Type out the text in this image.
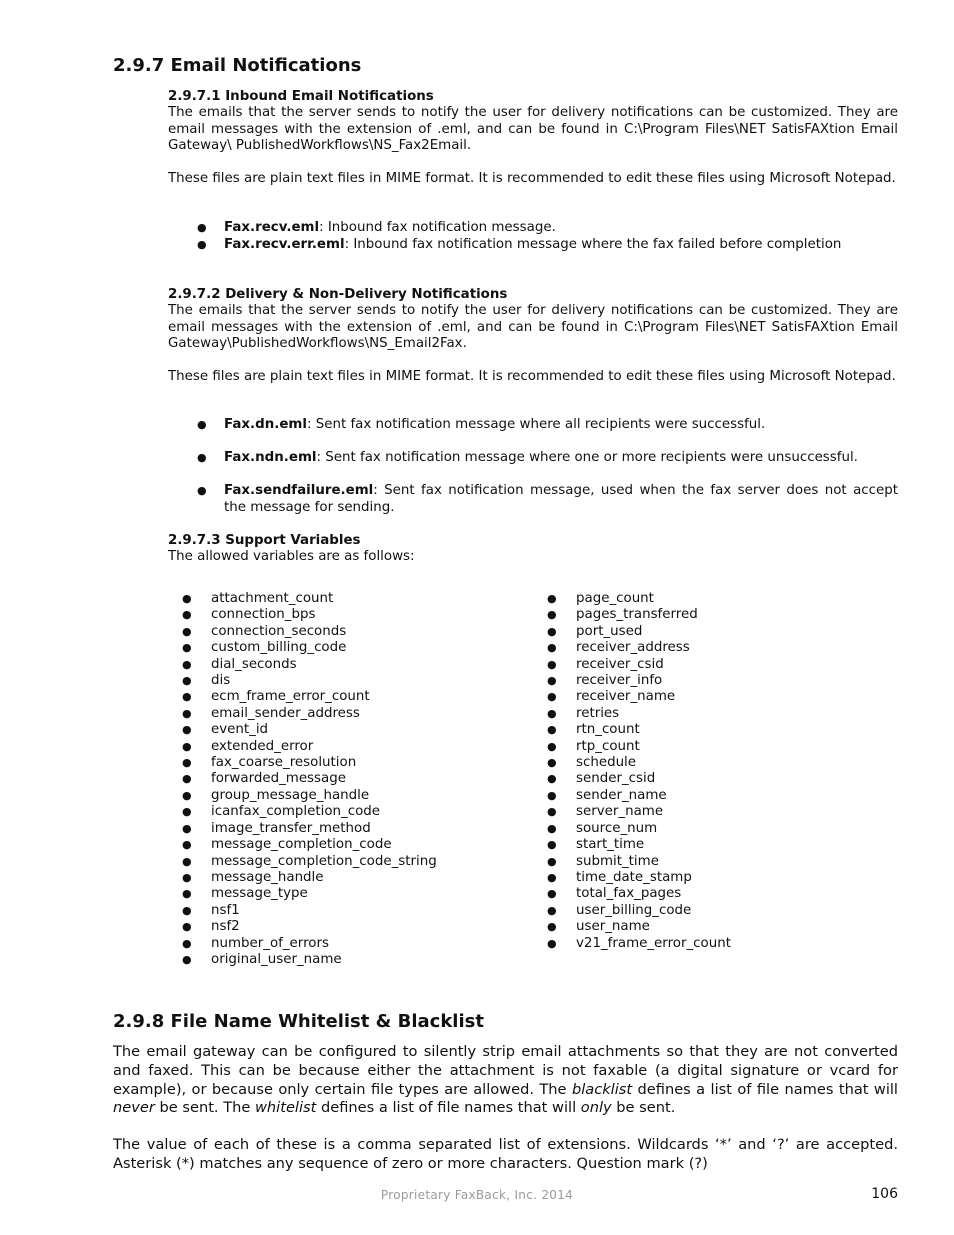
2.9.7 Email Notifications
2.9.7.1 Inbound Email Notifications

The emails that the server sends to notify the user for delivery notifications can be customized. They are email messages with the extension of .eml, and can be found in C:\Program Files\NET SatisFAXtion Email Gateway\ PublishedWorkflows\NS_Fax2Email.

These files are plain text files in MIME format. It is recommended to edit these files using Microsoft Notepad.

●	Fax.recv.eml: Inbound fax notification message.
●	Fax.recv.err.eml: Inbound fax notification message where the fax failed before completion
2.9.7.2 Delivery & Non-Delivery Notifications

The emails that the server sends to notify the user for delivery notifications can be customized. They are email messages with the extension of .eml, and can be found in C:\Program Files\NET SatisFAXtion Email Gateway\PublishedWorkflows\NS_Email2Fax.

These files are plain text files in MIME format. It is recommended to edit these files using Microsoft Notepad.

●	Fax.dn.eml: Sent fax notification message where all recipients were successful.
●	Fax.ndn.eml: Sent fax notification message where one or more recipients were unsuccessful.
●	Fax.sendfailure.eml: Sent fax notification message, used when the fax server does not accept the message for sending.
2.9.7.3 Support Variables

The allowed variables are as follows:

● attachment_count
● connection_bps
● connection_seconds
● custom_billing_code
● dial_seconds
● dis
● ecm_frame_error_count
● email_sender_address
● event_id
● extended_error
● fax_coarse_resolution
● forwarded_message
● group_message_handle
● icanfax_completion_code
● image_transfer_method
● message_completion_code
● message_completion_code_string
● message_handle
● message_type
● nsf1
● nsf2
● number_of_errors
● original_user_name
● page_count
● pages_transferred
● port_used
● receiver_address
● receiver_csid
● receiver_info
● receiver_name
● retries
● rtn_count
● rtp_count
● schedule
● sender_csid
● sender_name
● server_name
● source_num
● start_time
● submit_time
● time_date_stamp
● total_fax_pages
● user_billing_code
● user_name
● v21_frame_error_count
2.9.8 File Name Whitelist & Blacklist

The email gateway can be configured to silently strip email attachments so that they are not converted and faxed. This can be because either the attachment is not faxable (a digital signature or vcard for example), or because only certain file types are allowed. The blacklist defines a list of file names that will never be sent. The whitelist defines a list of file names that will only be sent.

The value of each of these is a comma separated list of extensions. Wildcards ‘*’ and ‘?’ are accepted. Asterisk (*) matches any sequence of zero or more characters. Question mark (?)

Proprietary FaxBack, Inc. 2014	106
